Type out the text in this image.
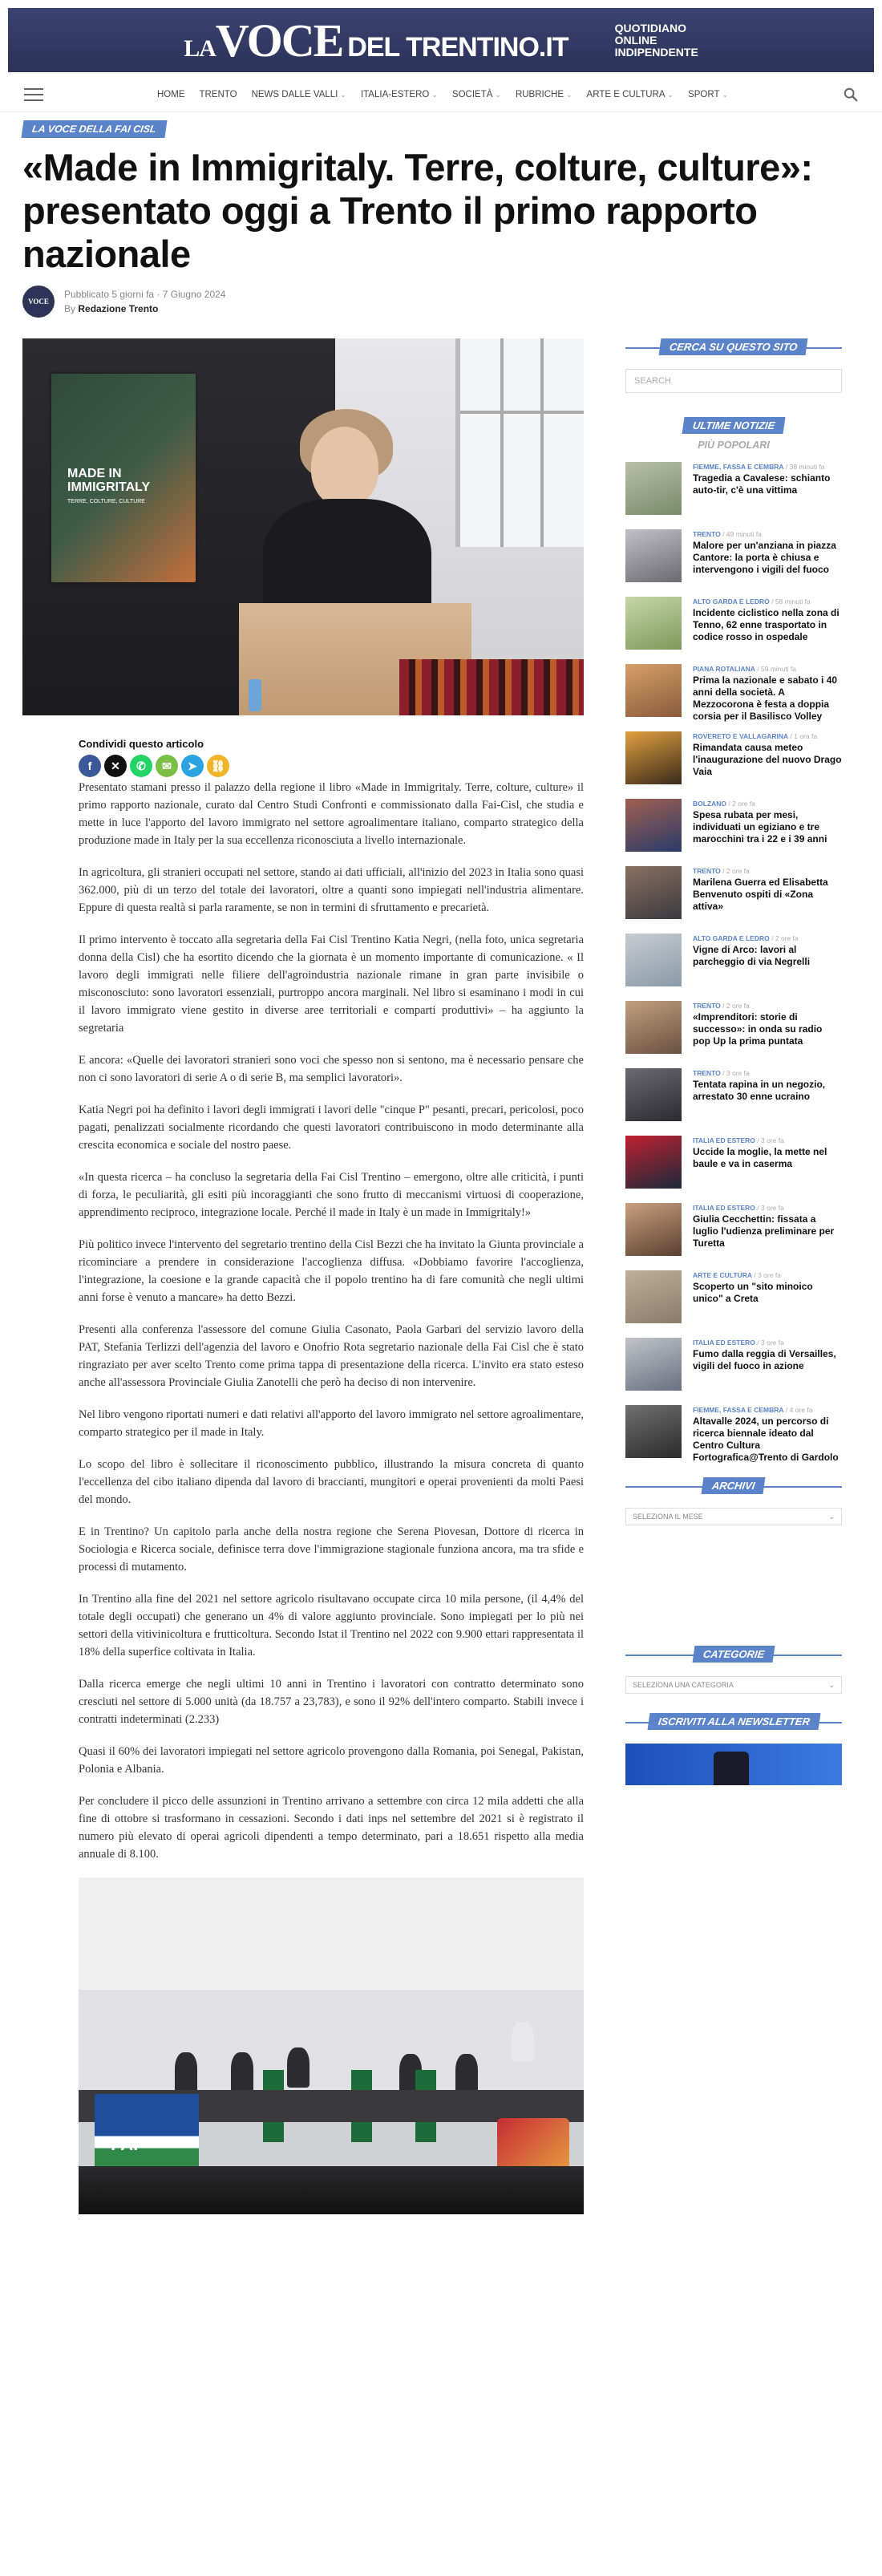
LA VOCE DEL TRENTINO.IT
QUOTIDIANO
ONLINE
INDIPENDENTE
HOME TRENTO NEWS DALLE VALLI ⌄ ITALIA-ESTERO ⌄ SOCIETÀ ⌄ RUBRICHE ⌄ ARTE E CULTURA ⌄ SPORT ⌄
LA VOCE DELLA FAI CISL
«Made in Immigritaly. Terre, colture, culture»: presentato oggi a Trento il primo rapporto nazionale
VOCE
Pubblicato 5 giorni fa · 7 Giugno 2024
By Redazione Trento
MADE IN IMMIGRITALY
TERRE, COLTURE, CULTURE
Condividi questo articolo
f	✕	✆	✉	➤	⛓

Presentato stamani presso il palazzo della regione il libro «Made in Immigritaly. Terre, colture, culture» il primo rapporto nazionale, curato dal Centro Studi Confronti e commissionato dalla Fai-Cisl, che studia e mette in luce l'apporto del lavoro immigrato nel settore agroalimentare italiano, comparto strategico della produzione made in Italy per la sua eccellenza riconosciuta a livello internazionale.

In agricoltura, gli stranieri occupati nel settore, stando ai dati ufficiali, all'inizio del 2023 in Italia sono quasi 362.000, più di un terzo del totale dei lavoratori, oltre a quanti sono impiegati nell'industria alimentare. Eppure di questa realtà si parla raramente, se non in termini di sfruttamento e precarietà.

Il primo intervento è toccato alla segretaria della Fai Cisl Trentino Katia Negri, (nella foto, unica segretaria donna della Cisl) che ha esortito dicendo che la giornata è un momento importante di comunicazione. « Il lavoro degli immigrati nelle filiere dell'agroindustria nazionale rimane in gran parte invisibile o misconosciuto: sono lavoratori essenziali, purtroppo ancora marginali. Nel libro si esaminano i modi in cui il lavoro immigrato viene gestito in diverse aree territoriali e comparti produttivi» – ha aggiunto la segretaria

E ancora: «Quelle dei lavoratori stranieri sono voci che spesso non si sentono, ma è necessario pensare che non ci sono lavoratori di serie A o di serie B, ma semplici lavoratori».

Katia Negri poi ha definito i lavori degli immigrati i lavori delle "cinque P" pesanti, precari, pericolosi, poco pagati, penalizzati socialmente ricordando che questi lavoratori contribuiscono in modo determinante alla crescita economica e sociale del nostro paese.

«In questa ricerca – ha concluso la segretaria della Fai Cisl Trentino – emergono, oltre alle criticità, i punti di forza, le peculiarità, gli esiti più incoraggianti che sono frutto di meccanismi virtuosi di cooperazione, apprendimento reciproco, integrazione locale. Perché il made in Italy è un made in Immigritaly!»

Più politico invece l'intervento del segretario trentino della Cisl Bezzi che ha invitato la Giunta provinciale a ricominciare a prendere in considerazione l'accoglienza diffusa. «Dobbiamo favorire l'accoglienza, l'integrazione, la coesione e la grande capacità che il popolo trentino ha di fare comunità che negli ultimi anni forse è venuto a mancare» ha detto Bezzi.

Presenti alla conferenza l'assessore del comune Giulia Casonato, Paola Garbari del servizio lavoro della PAT, Stefania Terlizzi dell'agenzia del lavoro e Onofrio Rota segretario nazionale della Fai Cisl che è stato ringraziato per aver scelto Trento come prima tappa di presentazione della ricerca. L'invito era stato esteso anche all'assessora Provinciale Giulia Zanotelli che però ha deciso di non intervenire.

Nel libro vengono riportati numeri e dati relativi all'apporto del lavoro immigrato nel settore agroalimentare, comparto strategico per il made in Italy.

Lo scopo del libro è sollecitare il riconoscimento pubblico, illustrando la misura concreta di quanto l'eccellenza del cibo italiano dipenda dal lavoro di braccianti, mungitori e operai provenienti da molti Paesi del mondo.

E in Trentino? Un capitolo parla anche della nostra regione che Serena Piovesan, Dottore di ricerca in Sociologia e Ricerca sociale, definisce terra dove l'immigrazione stagionale funziona ancora, ma tra sfide e processi di mutamento.

In Trentino alla fine del 2021 nel settore agricolo risultavano occupate circa 10 mila persone, (il 4,4% del totale degli occupati) che generano un 4% di valore aggiunto provinciale. Sono impiegati per lo più nei settori della vitivinicoltura e frutticoltura. Secondo Istat il Trentino nel 2022 con 9.900 ettari rappresentata il 18% della superfice coltivata in Italia.

Dalla ricerca emerge che negli ultimi 10 anni in Trentino i lavoratori con contratto determinato sono cresciuti nel settore di 5.000 unità (da 18.757 a 23,783), e sono il 92% dell'intero comparto. Stabili invece i contratti indeterminati (2.233)

Quasi il 60% dei lavoratori impiegati nel settore agricolo provengono dalla Romania, poi Senegal, Pakistan, Polonia e Albania.

Per concludere il picco delle assunzioni in Trentino arrivano a settembre con circa 12 mila addetti che alla fine di ottobre si trasformano in cessazioni. Secondo i dati inps nel settembre del 2021 si è registrato il numero più elevato di operai agricoli dipendenti a tempo determinato, pari a 18.651 rispetto alla media annuale di 8.100.

FAI
CERCA SU QUESTO SITO
SEARCH
ULTIME NOTIZIE
PIÙ POPOLARI
FIEMME, FASSA E CEMBRA / 38 minuti fa
Tragedia a Cavalese: schianto auto-tir, c'è una vittima
TRENTO / 49 minuti fa
Malore per un'anziana in piazza Cantore: la porta è chiusa e intervengono i vigili del fuoco
ALTO GARDA E LEDRO / 58 minuti fa
Incidente ciclistico nella zona di Tenno, 62 enne trasportato in codice rosso in ospedale
PIANA ROTALIANA / 59 minuti fa
Prima la nazionale e sabato i 40 anni della società. A Mezzocorona è festa a doppia corsia per il Basilisco Volley
ROVERETO E VALLAGARINA / 1 ora fa
Rimandata causa meteo l'inaugurazione del nuovo Drago Vaia
BOLZANO / 2 ore fa
Spesa rubata per mesi, individuati un egiziano e tre marocchini tra i 22 e i 39 anni
TRENTO / 2 ore fa
Marilena Guerra ed Elisabetta Benvenuto ospiti di «Zona attiva»
ALTO GARDA E LEDRO / 2 ore fa
Vigne di Arco: lavori al parcheggio di via Negrelli
TRENTO / 2 ore fa
«Imprenditori: storie di successo»: in onda su radio pop Up la prima puntata
TRENTO / 3 ore fa
Tentata rapina in un negozio, arrestato 30 enne ucraino
ITALIA ED ESTERO / 3 ore fa
Uccide la moglie, la mette nel baule e va in caserma
ITALIA ED ESTERO / 3 ore fa
Giulia Cecchettin: fissata a luglio l'udienza preliminare per Turetta
ARTE E CULTURA / 3 ore fa
Scoperto un "sito minoico unico" a Creta
ITALIA ED ESTERO / 3 ore fa
Fumo dalla reggia di Versailles, vigili del fuoco in azione
FIEMME, FASSA E CEMBRA / 4 ore fa
Altavalle 2024, un percorso di ricerca biennale ideato dal Centro Cultura Fortografica@Trento di Gardolo
ARCHIVI
SELEZIONA IL MESE	⌄
CATEGORIE
SELEZIONA UNA CATEGORIA	⌄
ISCRIVITI ALLA NEWSLETTER
